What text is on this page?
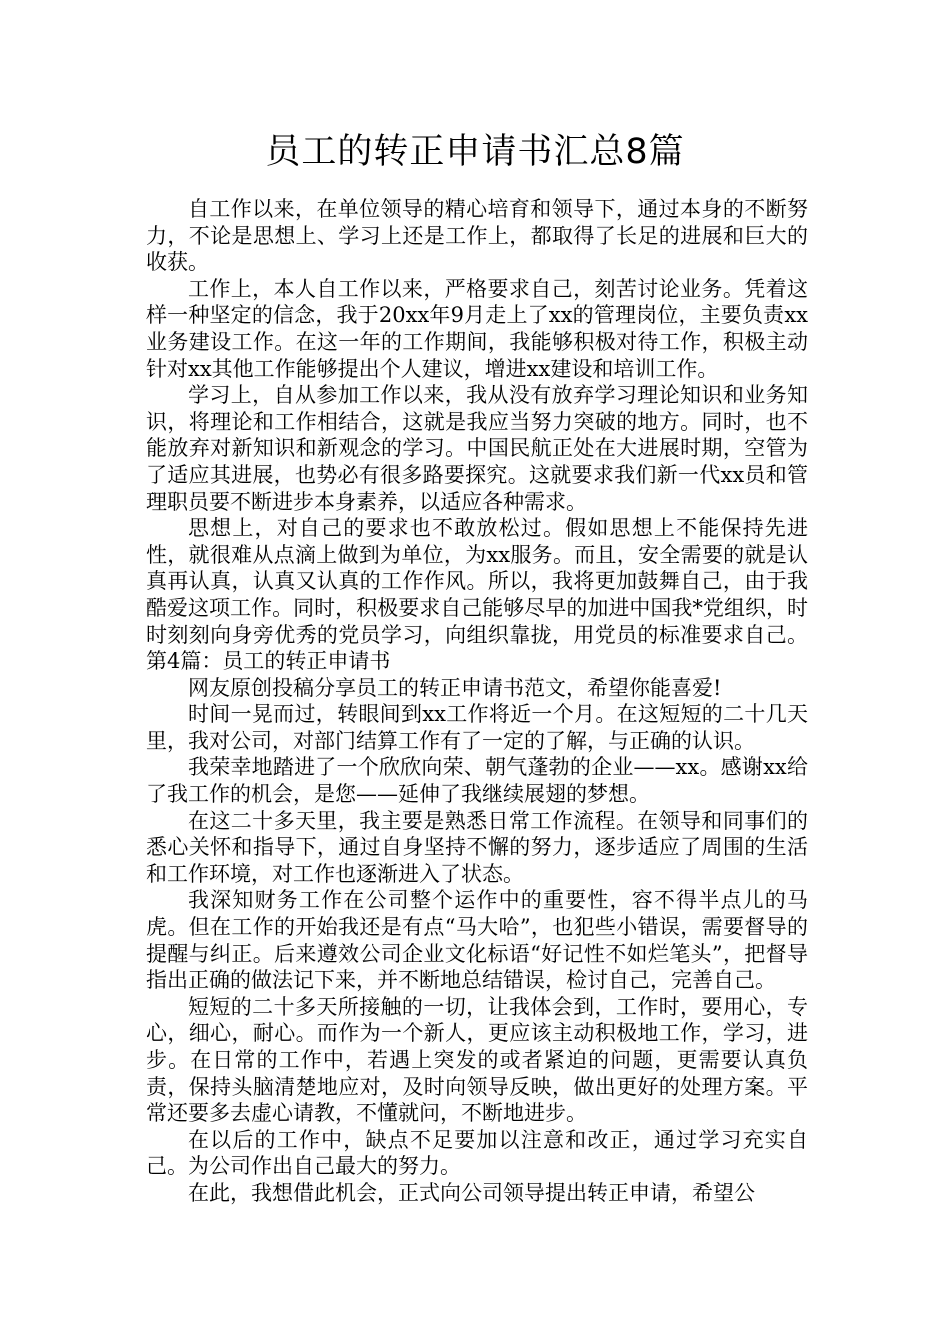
员工的转正申请书汇总8篇

自工作以来，在单位领导的精心培育和领导下，通过本身的不断努力，不论是思想上、学习上还是工作上，都取得了长足的进展和巨大的收获。

工作上，本人自工作以来，严格要求自己，刻苦讨论业务。凭着这样一种坚定的信念，我于20xx年9月走上了xx的管理岗位，主要负责xx业务建设工作。在这一年的工作期间，我能够积极对待工作，积极主动针对xx其他工作能够提出个人建议，增进xx建设和培训工作。

学习上，自从参加工作以来，我从没有放弃学习理论知识和业务知识，将理论和工作相结合，这就是我应当努力突破的地方。同时，也不能放弃对新知识和新观念的学习。中国民航正处在大进展时期，空管为了适应其进展，也势必有很多路要探究。这就要求我们新一代xx员和管理职员要不断进步本身素养，以适应各种需求。

思想上，对自己的要求也不敢放松过。假如思想上不能保持先进性，就很难从点滴上做到为单位，为xx服务。而且，安全需要的就是认真再认真，认真又认真的工作作风。所以，我将更加鼓舞自己，由于我酷爱这项工作。同时，积极要求自己能够尽早的加进中国我*党组织，时时刻刻向身旁优秀的党员学习，向组织靠拢，用党员的标准要求自己。第4篇：员工的转正申请书

网友原创投稿分享员工的转正申请书范文，希望你能喜爱!

时间一晃而过，转眼间到xx工作将近一个月。在这短短的二十几天里，我对公司，对部门结算工作有了一定的了解，与正确的认识。

我荣幸地踏进了一个欣欣向荣、朝气蓬勃的企业——xx。感谢xx给了我工作的机会，是您——延伸了我继续展翅的梦想。

在这二十多天里，我主要是熟悉日常工作流程。在领导和同事们的悉心关怀和指导下，通过自身坚持不懈的努力，逐步适应了周围的生活和工作环境，对工作也逐渐进入了状态。

我深知财务工作在公司整个运作中的重要性，容不得半点儿的马虎。但在工作的开始我还是有点“马大哈”，也犯些小错误，需要督导的提醒与纠正。后来遵效公司企业文化标语“好记性不如烂笔头”，把督导指出正确的做法记下来，并不断地总结错误，检讨自己，完善自己。

短短的二十多天所接触的一切，让我体会到，工作时，要用心，专心，细心，耐心。而作为一个新人，更应该主动积极地工作，学习，进步。在日常的工作中，若遇上突发的或者紧迫的问题，更需要认真负责，保持头脑清楚地应对，及时向领导反映，做出更好的处理方案。平常还要多去虚心请教，不懂就问，不断地进步。

在以后的工作中，缺点不足要加以注意和改正，通过学习充实自己。为公司作出自己最大的努力。

在此，我想借此机会，正式向公司领导提出转正申请，希望公
